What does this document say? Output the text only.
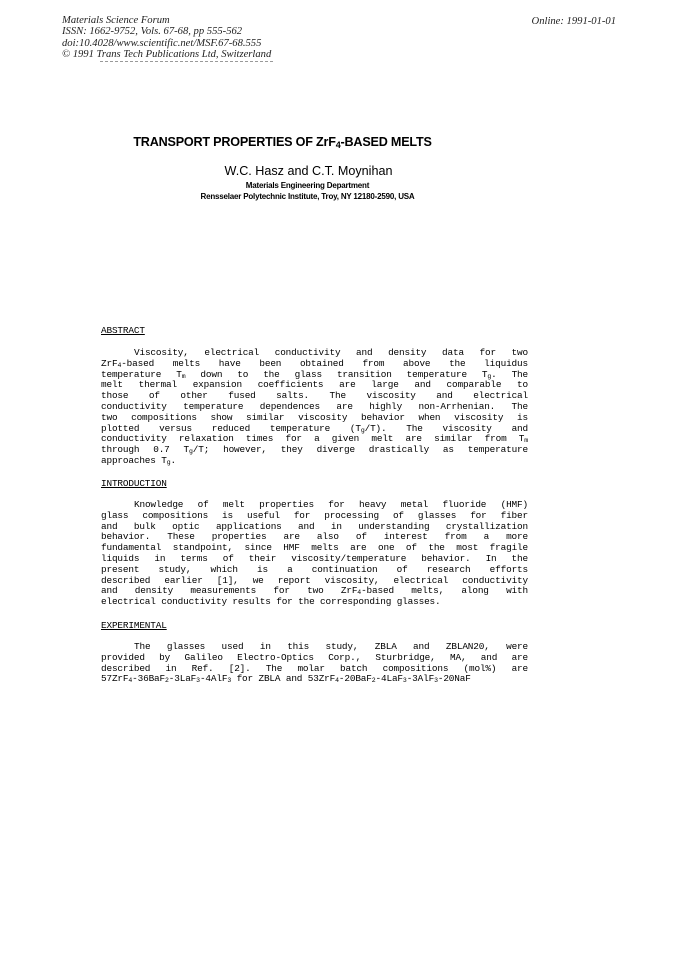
Materials Science Forum
ISSN: 1662-9752, Vols. 67-68, pp 555-562
doi:10.4028/www.scientific.net/MSF.67-68.555
© 1991 Trans Tech Publications Ltd, Switzerland
Online: 1991-01-01
TRANSPORT PROPERTIES OF ZrF$_4$-BASED MELTS
W.C. Hasz and C.T. Moynihan
Materials Engineering Department
Rensselaer Polytechnic Institute, Troy, NY 12180-2590, USA
ABSTRACT
Viscosity, electrical conductivity and density data for two
ZrF$_4$-based melts have been obtained from above the liquidus
temperature $T_m$ down to the glass transition temperature $T_g$. The
melt thermal expansion coefficients are large and comparable to
those of other fused salts. The viscosity and electrical
conductivity temperature dependences are highly non-Arrhenian. The
two compositions show similar viscosity behavior when viscosity is
plotted versus reduced temperature $(T_g/T)$. The viscosity and
conductivity relaxation times for a given melt are similar from $T_m$
through 0.7 $T_g/T$; however, they diverge drastically as temperature
approaches $T_g$.
INTRODUCTION
Knowledge of melt properties for heavy metal fluoride (HMF)
glass compositions is useful for processing of glasses for fiber
and bulk optic applications and in understanding crystallization
behavior. These properties are also of interest from a more
fundamental standpoint, since HMF melts are one of the most fragile
liquids in terms of their viscosity/temperature behavior. In the
present study, which is a continuation of research efforts
described earlier [1], we report viscosity, electrical conductivity
and density measurements for two ZrF$_4$-based melts, along with
electrical conductivity results for the corresponding glasses.
EXPERIMENTAL
The glasses used in this study, ZBLA and ZBLAN20, were
provided by Galileo Electro-Optics Corp., Sturbridge, MA, and are
described in Ref. [2]. The molar batch compositions (mol%) are
57ZrF$_4$-36BaF$_2$-3LaF$_3$-4AlF$_3$ for ZBLA and 53ZrF$_4$-20BaF$_2$-4LaF$_3$-3AlF$_3$-20NaF
